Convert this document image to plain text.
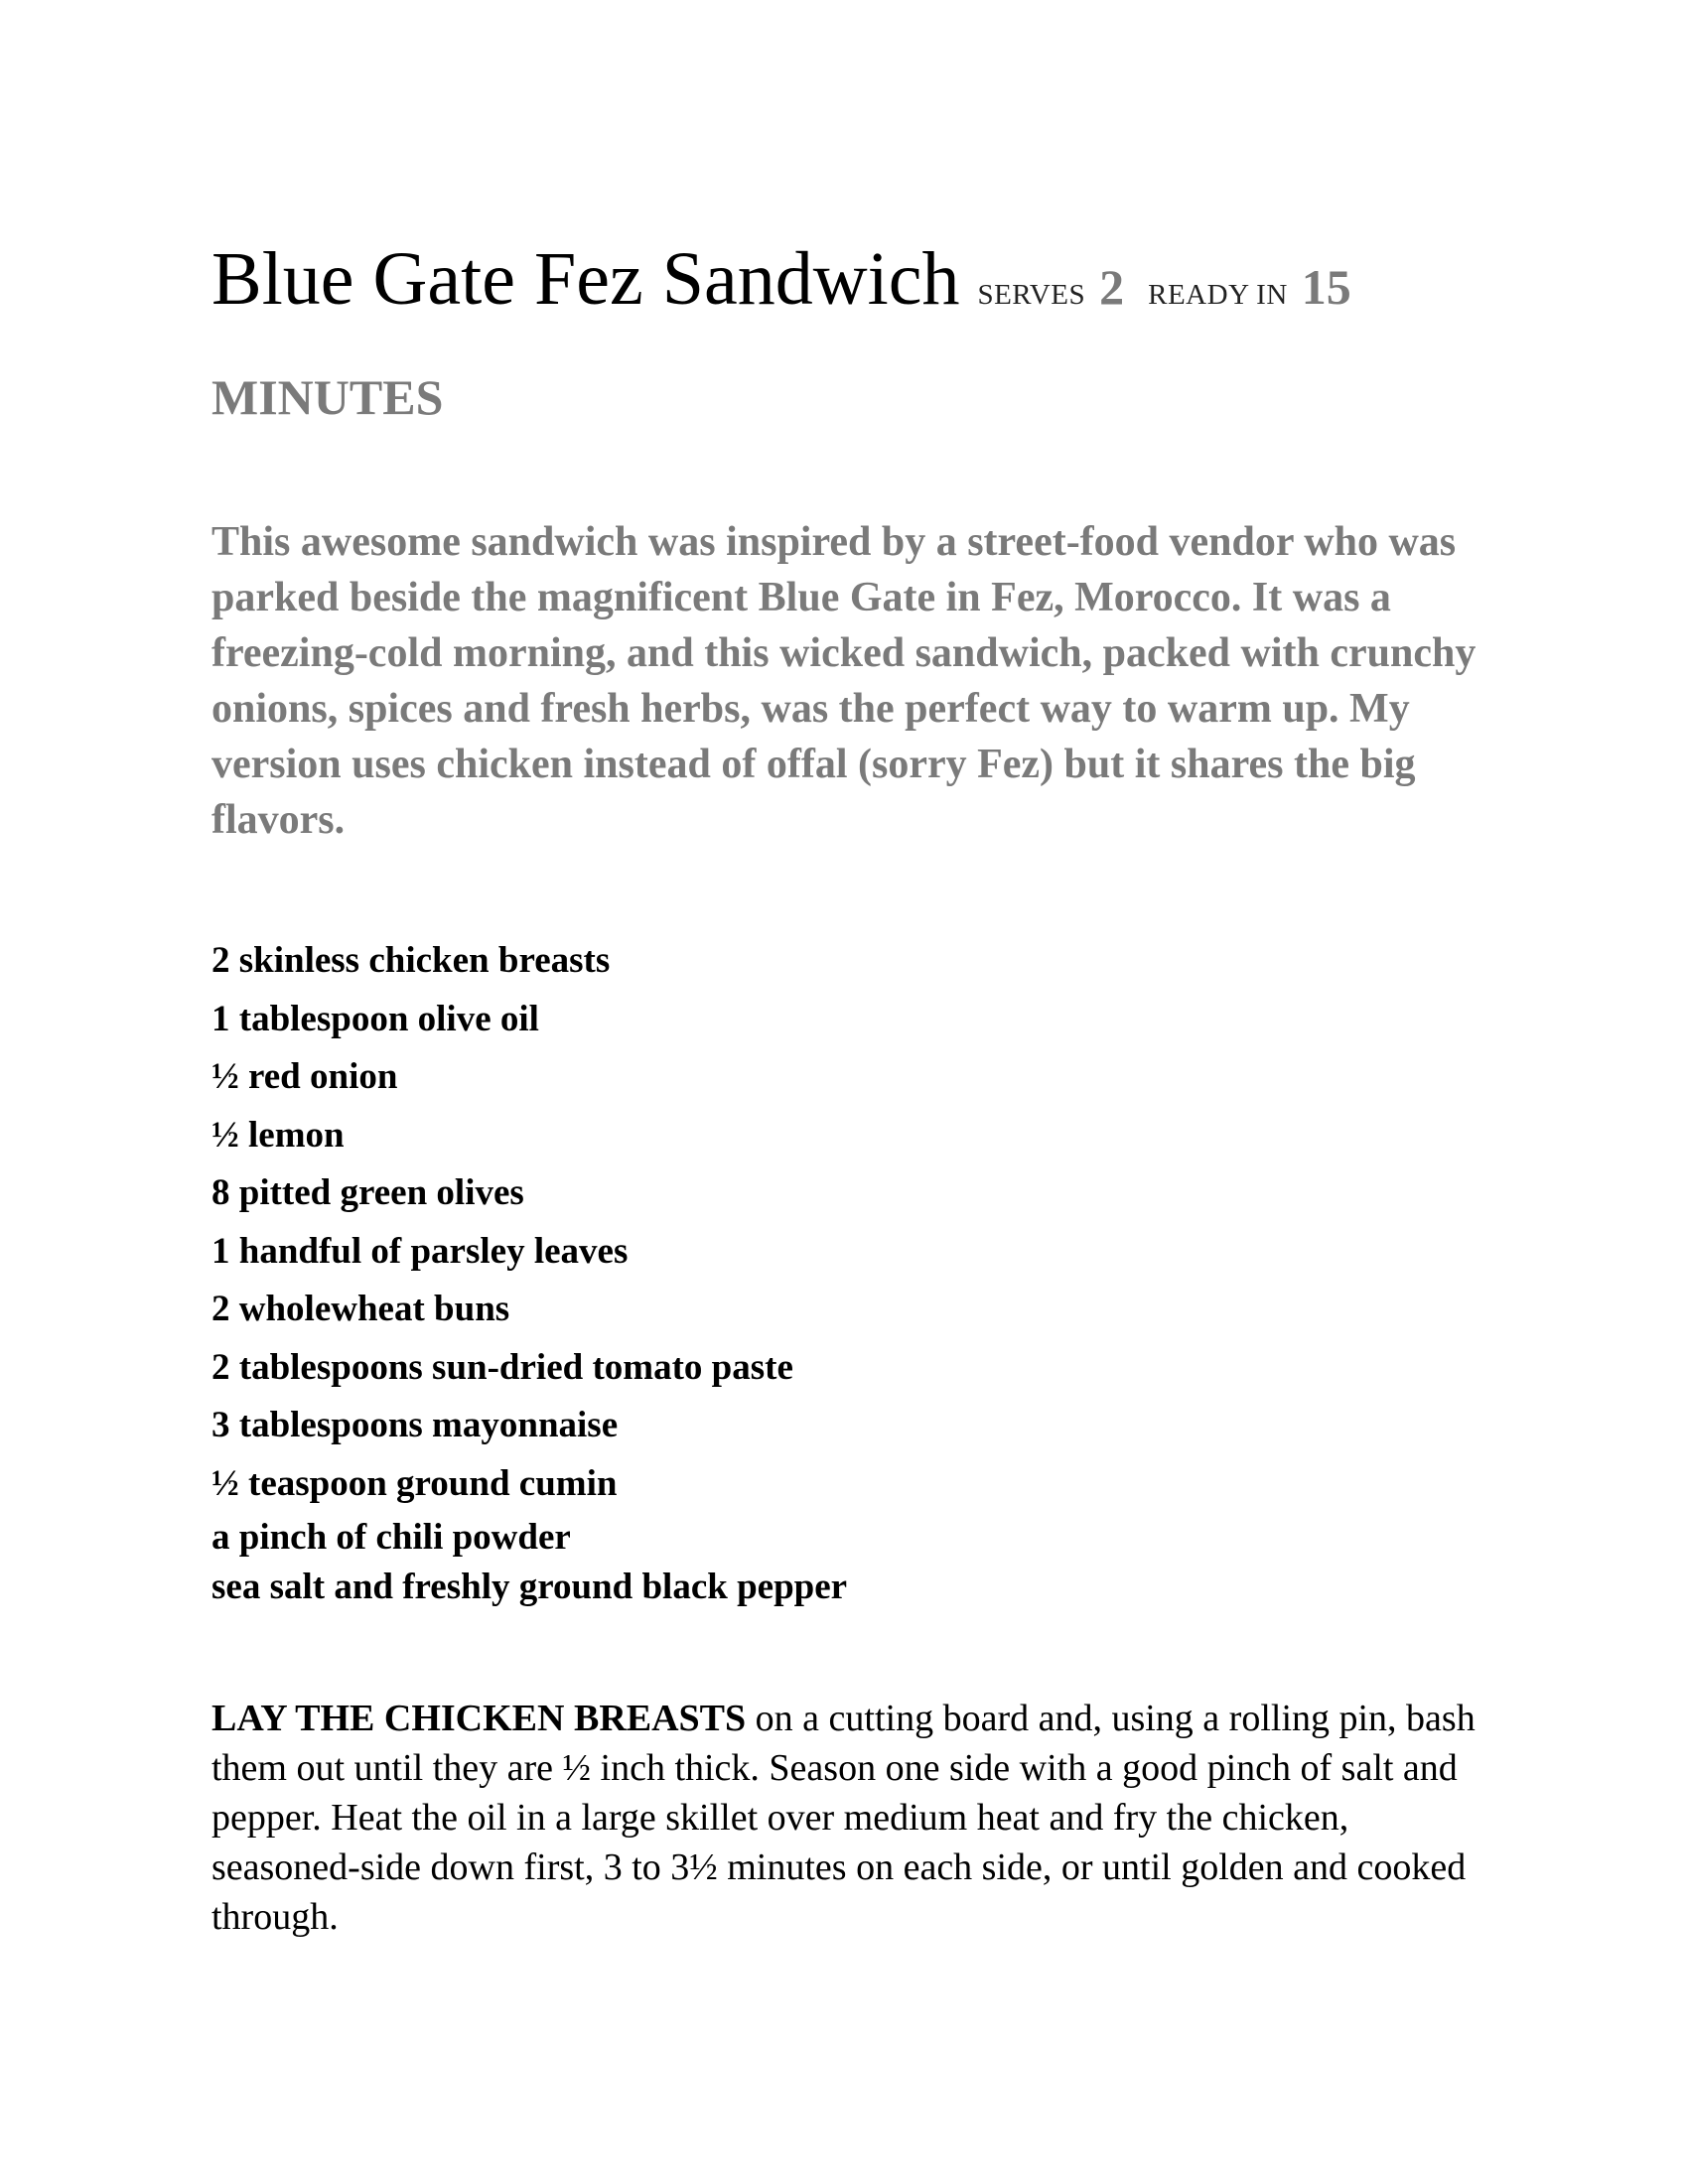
Blue Gate Fez Sandwich SERVES 2 READY IN 15 MINUTES

This awesome sandwich was inspired by a street-food vendor who was parked beside the magnificent Blue Gate in Fez, Morocco. It was a freezing-cold morning, and this wicked sandwich, packed with crunchy onions, spices and fresh herbs, was the perfect way to warm up. My version uses chicken instead of offal (sorry Fez) but it shares the big flavors.

2 skinless chicken breasts
1 tablespoon olive oil
½ red onion
½ lemon
8 pitted green olives
1 handful of parsley leaves
2 wholewheat buns
2 tablespoons sun-dried tomato paste
3 tablespoons mayonnaise
½ teaspoon ground cumin
a pinch of chili powder
sea salt and freshly ground black pepper

LAY THE CHICKEN BREASTS on a cutting board and, using a rolling pin, bash them out until they are ½ inch thick. Season one side with a good pinch of salt and pepper. Heat the oil in a large skillet over medium heat and fry the chicken, seasoned-side down first, 3 to 3½ minutes on each side, or until golden and cooked through.
